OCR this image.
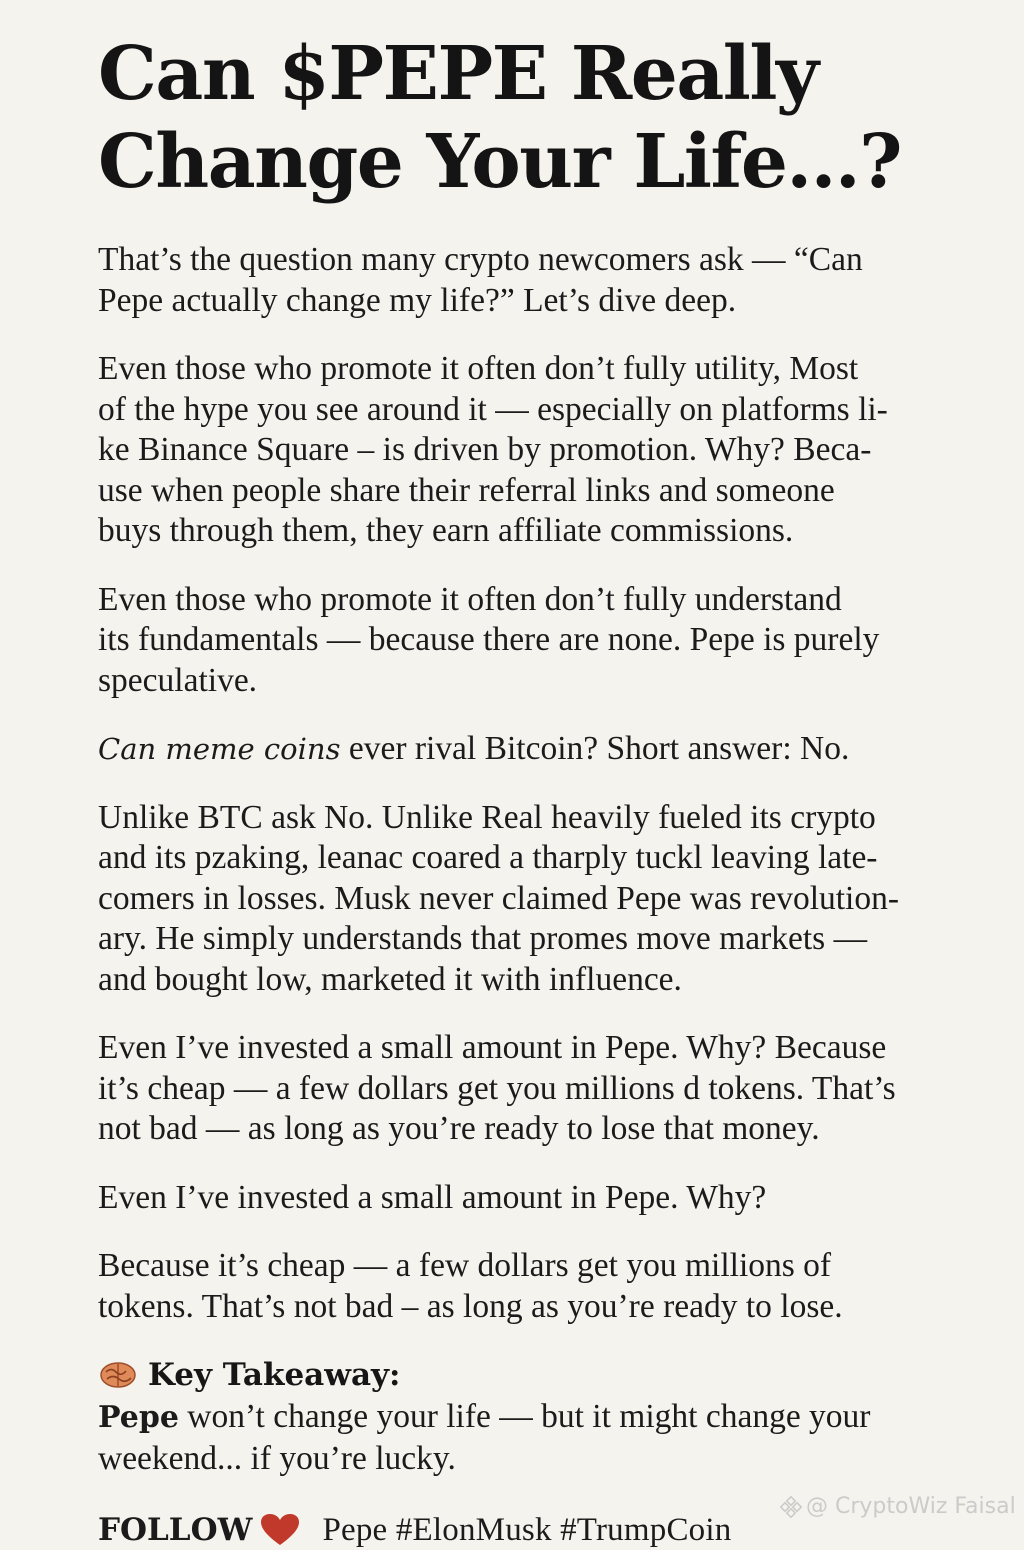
Can $PEPE Really
Change Your Life...?

That’s the question many crypto newcomers ask — “Can
Pepe actually change my life?” Let’s dive deep.

Even those who promote it often don’t fully utility, Most
of the hype you see around it — especially on platforms li-
ke Binance Square – is driven by promotion. Why? Beca-
use when people share their referral links and someone
buys through them, they earn affiliate commissions.

Even those who promote it often don’t fully understand
its fundamentals — because there are none. Pepe is purely
speculative.

Can meme coins ever rival Bitcoin? Short answer: No.

Unlike BTC ask No. Unlike Real heavily fueled its crypto
and its pzaking, leanac coared a tharply tuckl leaving late-
comers in losses. Musk never claimed Pepe was revolution-
ary. He simply understands that promes move markets —
and bought low, marketed it with influence.

Even I’ve invested a small amount in Pepe. Why? Because
it’s cheap — a few dollars get you millions d tokens. That’s
not bad — as long as you’re ready to lose that money.

Even I’ve invested a small amount in Pepe. Why?

Because it’s cheap — a few dollars get you millions of
tokens. That’s not bad – as long as you’re ready to lose.

Key Takeaway:

Pepe won’t change your life — but it might change your
weekend... if you’re lucky.

FOLLOW Pepe #ElonMusk #TrumpCoin
@ CryptoWiz Faisal
